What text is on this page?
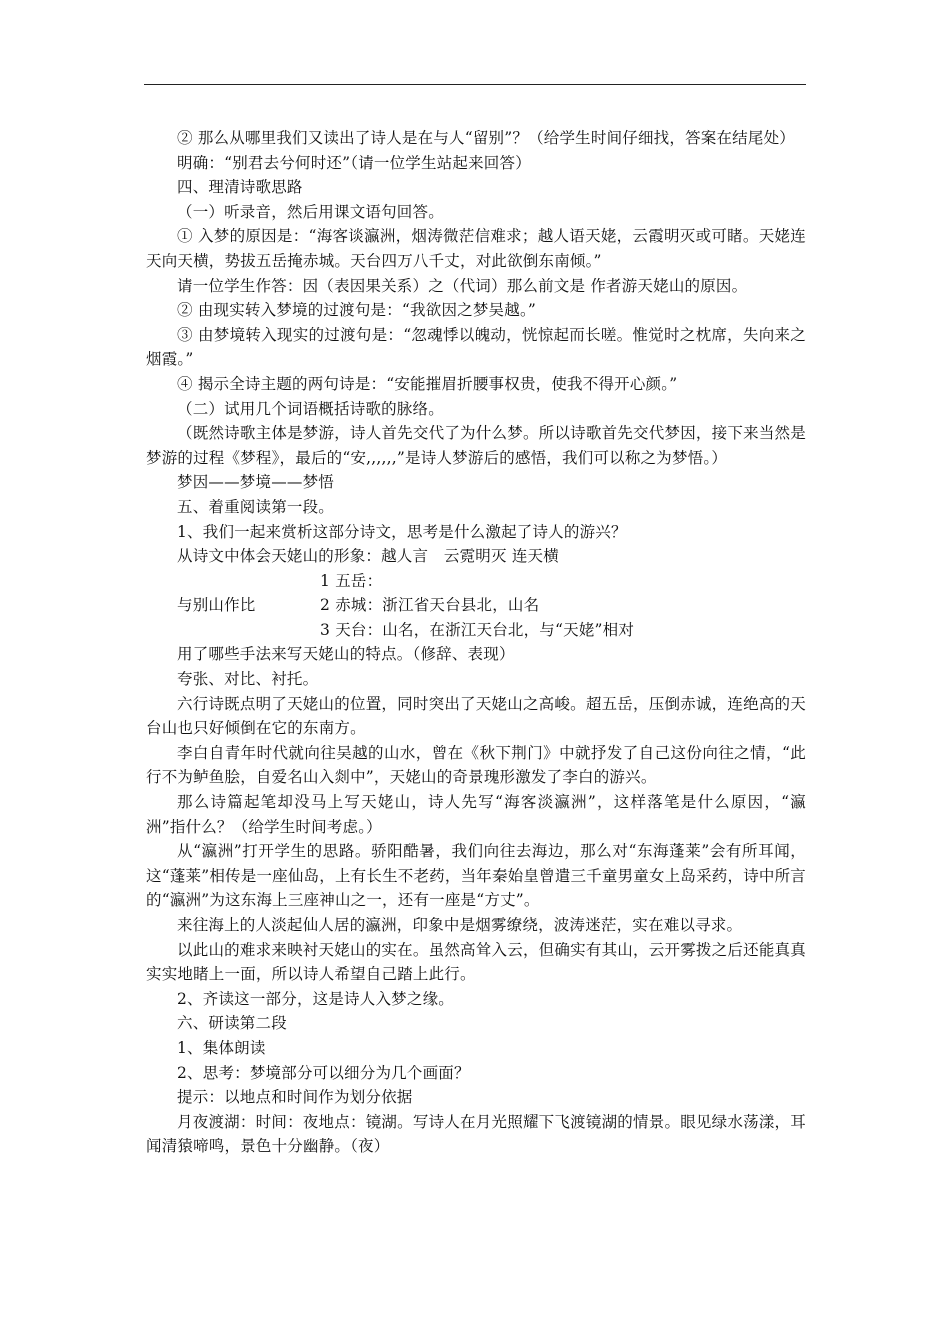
② 那么从哪里我们又读出了诗人是在与人“留别”？（给学生时间仔细找，答案在结尾处）

明确：“别君去兮何时还”（请一位学生站起来回答）

四、理清诗歌思路

（一）听录音，然后用课文语句回答。

① 入梦的原因是：“海客谈瀛洲，烟涛微茫信难求；越人语天姥，云霞明灭或可睹。天姥连天向天横，势拔五岳掩赤城。天台四万八千丈，对此欲倒东南倾。”

请一位学生作答：因（表因果关系）之（代词）那么前文是 作者游天姥山的原因。

② 由现实转入梦境的过渡句是：“我欲因之梦吴越。”

③ 由梦境转入现实的过渡句是：“忽魂悸以魄动，恍惊起而长嗟。惟觉时之枕席，失向来之烟霞。”

④ 揭示全诗主题的两句诗是：“安能摧眉折腰事权贵，使我不得开心颜。”

（二）试用几个词语概括诗歌的脉络。

（既然诗歌主体是梦游，诗人首先交代了为什么梦。所以诗歌首先交代梦因，接下来当然是梦游的过程《梦程》，最后的“安,,,,,,”是诗人梦游后的感悟，我们可以称之为梦悟。）

梦因——梦境——梦悟

五、着重阅读第一段。

1、我们一起来赏析这部分诗文，思考是什么激起了诗人的游兴？

从诗文中体会天姥山的形象：越人言　云霓明灭 连天横

1 五岳：

与别山作比	2 赤城：浙江省天台县北，山名

3 天台：山名，在浙江天台北，与“天姥”相对

用了哪些手法来写天姥山的特点。（修辞、表现）

夸张、对比、衬托。

六行诗既点明了天姥山的位置，同时突出了天姥山之高峻。超五岳，压倒赤诚，连绝高的天台山也只好倾倒在它的东南方。

李白自青年时代就向往吴越的山水，曾在《秋下荆门》中就抒发了自己这份向往之情，“此行不为鲈鱼脍，自爱名山入剡中”，天姥山的奇景瑰形激发了李白的游兴。

那么诗篇起笔却没马上写天姥山，诗人先写“海客淡瀛洲”，这样落笔是什么原因，“瀛洲”指什么？（给学生时间考虑。）

从“瀛洲”打开学生的思路。骄阳酷暑，我们向往去海边，那么对“东海蓬莱”会有所耳闻，这“蓬莱”相传是一座仙岛，上有长生不老药，当年秦始皇曾遣三千童男童女上岛采药，诗中所言的“瀛洲”为这东海上三座神山之一，还有一座是“方丈”。

来往海上的人淡起仙人居的瀛洲，印象中是烟雾缭绕，波涛迷茫，实在难以寻求。

以此山的难求来映衬天姥山的实在。虽然高耸入云，但确实有其山，云开雾拨之后还能真真实实地睹上一面，所以诗人希望自己踏上此行。

2、齐读这一部分，这是诗人入梦之缘。

六、研读第二段

1、集体朗读

2、思考：梦境部分可以细分为几个画面？

提示：以地点和时间作为划分依据

月夜渡湖：时间：夜地点：镜湖。写诗人在月光照耀下飞渡镜湖的情景。眼见绿水荡漾，耳闻清猿啼鸣，景色十分幽静。（夜）
